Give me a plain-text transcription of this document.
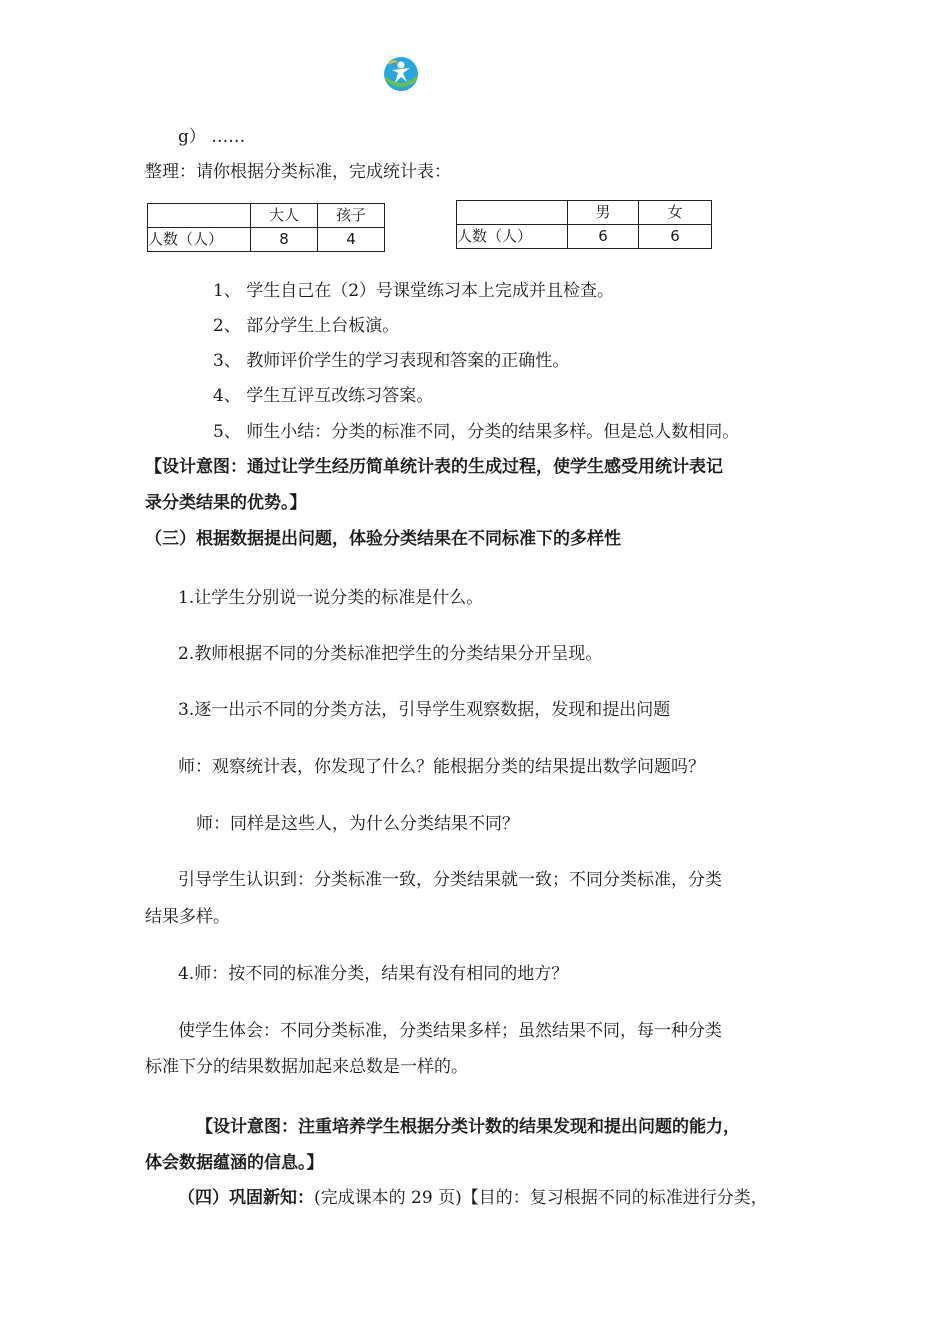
g） ……
整理：请你根据分类标准，完成统计表：
	大人	孩子
人数（人）	8	4
	男	女
人数（人）	6	6
1、 学生自己在（2）号课堂练习本上完成并且检查。
2、 部分学生上台板演。
3、 教师评价学生的学习表现和答案的正确性。
4、 学生互评互改练习答案。
5、 师生小结：分类的标准不同，分类的结果多样。但是总人数相同。
【设计意图：通过让学生经历简单统计表的生成过程，使学生感受用统计表记
录分类结果的优势。】
（三）根据数据提出问题，体验分类结果在不同标准下的多样性
1.让学生分别说一说分类的标准是什么。
2.教师根据不同的分类标准把学生的分类结果分开呈现。
3.逐一出示不同的分类方法，引导学生观察数据，发现和提出问题
师：观察统计表，你发现了什么？能根据分类的结果提出数学问题吗？
师：同样是这些人，为什么分类结果不同？
引导学生认识到：分类标准一致，分类结果就一致；不同分类标准，分类
结果多样。
4.师：按不同的标准分类，结果有没有相同的地方？
使学生体会：不同分类标准，分类结果多样；虽然结果不同，每一种分类
标准下分的结果数据加起来总数是一样的。
【设计意图：注重培养学生根据分类计数的结果发现和提出问题的能力，
体会数据蕴涵的信息。】
（四）巩固新知：(完成课本的 29 页)【目的：复习根据不同的标准进行分类，
